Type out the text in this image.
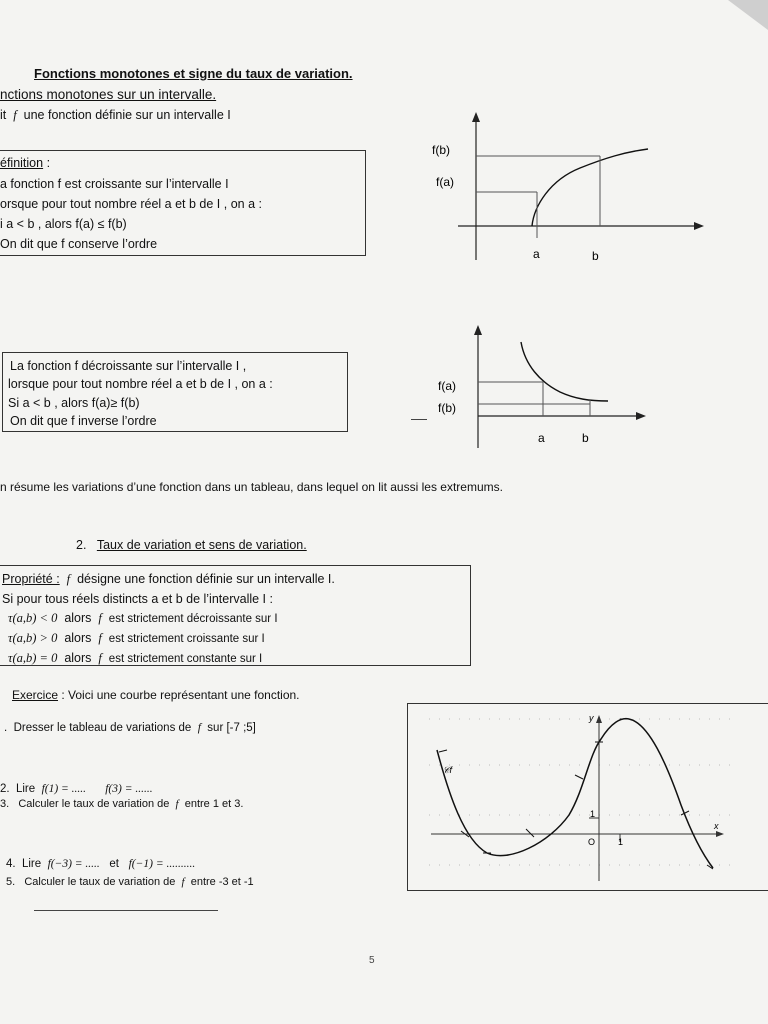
Fonctions monotones et signe du taux de variation.
nctions monotones sur un intervalle.
it f une fonction définie sur un intervalle I
éfinition :
a fonction f est croissante sur l’intervalle I
orsque pour tout nombre réel a et b de I , on a :
i a < b , alors f(a) ≤ f(b)
On dit que f conserve l’ordre
f(b)
f(a)
a	b
La fonction f décroissante sur l’intervalle I ,
lorsque pour tout nombre réel a et b de I , on a :
Si a < b , alors f(a)≥ f(b)
On dit que f inverse l’ordre
f(a)
f(b)
a	b
n résume les variations d’une fonction dans un tableau, dans lequel on lit aussi les extremums.
2. Taux de variation et sens de variation.
Propriété : f désigne une fonction définie sur un intervalle I.
Si pour tous réels distincts a et b de l’intervalle I :
τ(a,b) < 0 alors f est strictement décroissante sur I
τ(a,b) > 0 alors f est strictement croissante sur I
τ(a,b) = 0 alors f est strictement constante sur I
Exercice : Voici une courbe représentant une fonction.
. Dresser le tableau de variations de f sur [-7 ;5]
2. Lire f(1) = ..... f(3) = ......
3. Calculer le taux de variation de f entre 1 et 3.
4. Lire f(−3) = ..... et f(−1) = ..........
5. Calculer le taux de variation de f entre -3 et -1
𝒞f
y
x
O	1
1
5
